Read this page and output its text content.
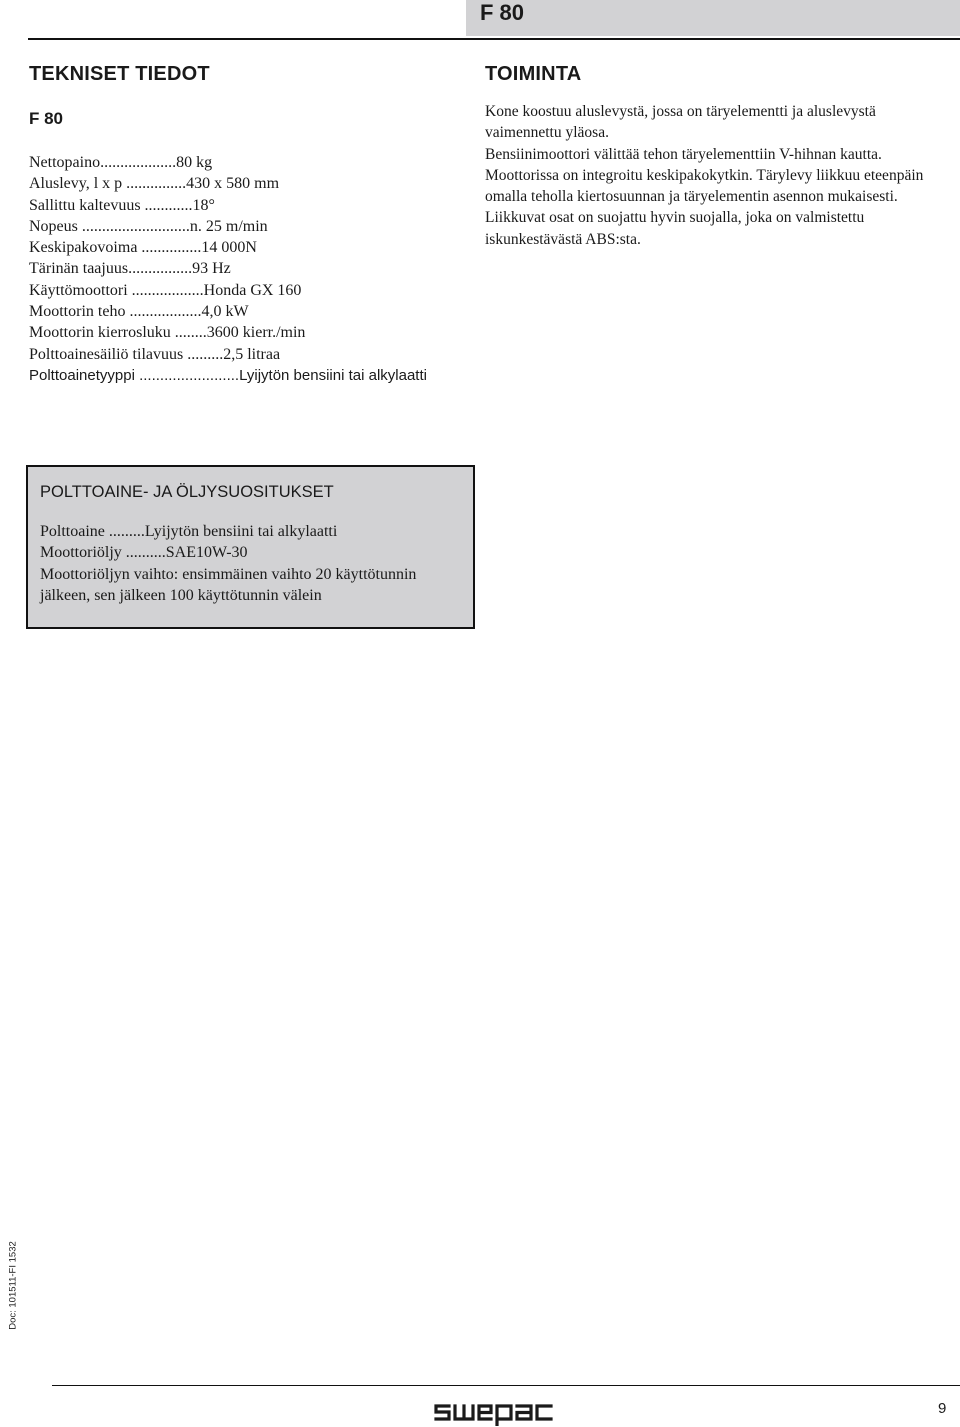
F 80
TEKNISET TIEDOT
F 80
Nettopaino...................80 kg
Aluslevy, l x p ...............430 x 580 mm
Sallittu kaltevuus ............18°
Nopeus ...........................n. 25 m/min
Keskipakovoima ...............14 000N
Tärinän taajuus................93 Hz
Käyttömoottori ..................Honda GX 160
Moottorin teho ..................4,0 kW
Moottorin kierrosluku ........3600 kierr./min
Polttoainesäiliö tilavuus .........2,5 litraa
Polttoainetyyppi ........................Lyijytön bensiini tai alkylaatti
TOIMINTA

Kone koostuu aluslevystä, jossa on täryelementti ja aluslevystä vaimennettu yläosa.

Bensiinimoottori välittää tehon täryelementtiin V-hihnan kautta.

Moottorissa on integroitu keskipakokytkin. Tärylevy liikkuu eteenpäin omalla teholla kiertosuunnan ja täryelementin asennon mukaisesti. Liikkuvat osat on suojattu hyvin suojalla, joka on valmistettu iskunkestävästä ABS:sta.

POLTTOAINE- JA ÖLJYSUOSITUKSET
Polttoaine .........Lyijytön bensiini tai alkylaatti
Moottoriöljy ..........SAE10W-30
Moottoriöljyn vaihto: ensimmäinen vaihto 20 käyttötunnin jälkeen, sen jälkeen 100 käyttötunnin välein
Doc: 101511-FI 1532
9
